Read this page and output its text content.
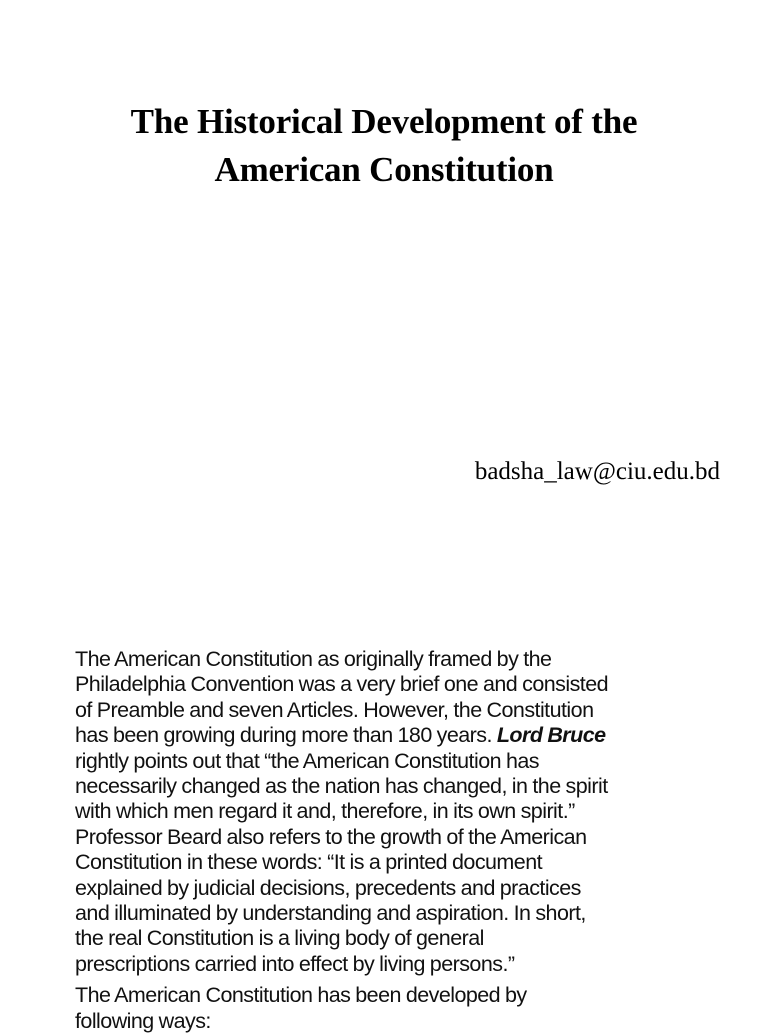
The Historical Development of the
American Constitution
badsha_law@ciu.edu.bd
The American Constitution as originally framed by the
Philadelphia Convention was a very brief one and consisted
of Preamble and seven Articles. However, the Constitution
has been growing during more than 180 years. Lord Bruce
rightly points out that “the American Constitution has
necessarily changed as the nation has changed, in the spirit
with which men regard it and, therefore, in its own spirit.”
Professor Beard also refers to the growth of the American
Constitution in these words: “It is a printed document
explained by judicial decisions, precedents and practices
and illuminated by understanding and aspiration. In short,
the real Constitution is a living body of general
prescriptions carried into effect by living persons.”
The American Constitution has been developed by
following ways:
